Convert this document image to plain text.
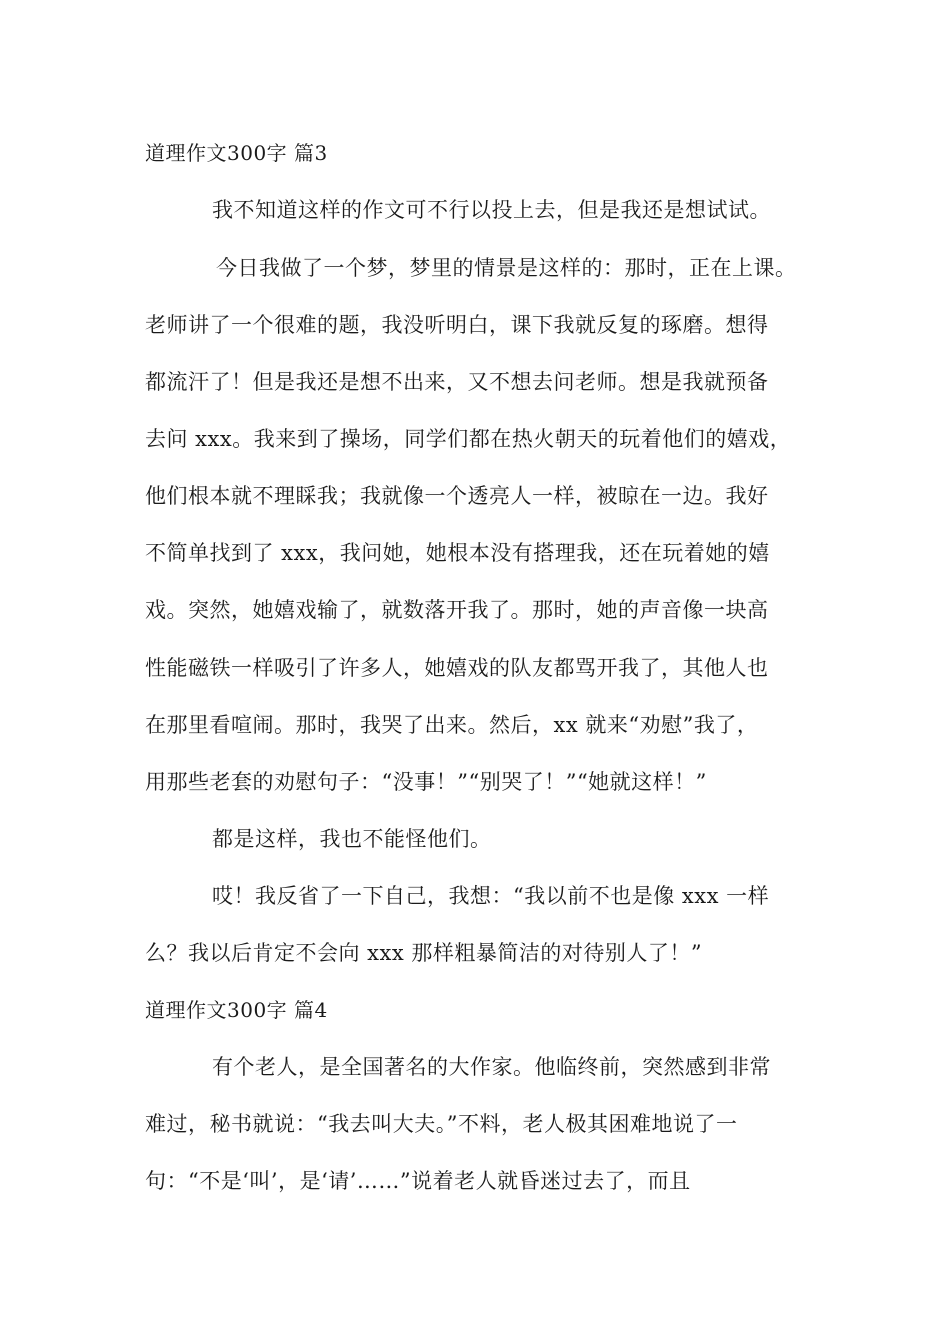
道理作文300字 篇3
我不知道这样的作文可不行以投上去，但是我还是想试试。
今日我做了一个梦，梦里的情景是这样的：那时，正在上课。
老师讲了一个很难的题，我没听明白，课下我就反复的琢磨。想得
都流汗了！但是我还是想不出来，又不想去问老师。想是我就预备
去问 xxx。我来到了操场，同学们都在热火朝天的玩着他们的嬉戏，
他们根本就不理睬我；我就像一个透亮人一样，被晾在一边。我好
不简单找到了 xxx，我问她，她根本没有搭理我，还在玩着她的嬉
戏。突然，她嬉戏输了，就数落开我了。那时，她的声音像一块高
性能磁铁一样吸引了许多人，她嬉戏的队友都骂开我了，其他人也
在那里看喧闹。那时，我哭了出来。然后，xx 就来“劝慰”我了，
用那些老套的劝慰句子：“没事！”“别哭了！”“她就这样！”
都是这样，我也不能怪他们。
哎！我反省了一下自己，我想：“我以前不也是像 xxx 一样
么？我以后肯定不会向 xxx 那样粗暴简洁的对待别人了！”
道理作文300字 篇4
有个老人，是全国著名的大作家。他临终前，突然感到非常
难过，秘书就说：“我去叫大夫。”不料，老人极其困难地说了一
句：“不是‘叫’，是‘请’……”说着老人就昏迷过去了，而且
